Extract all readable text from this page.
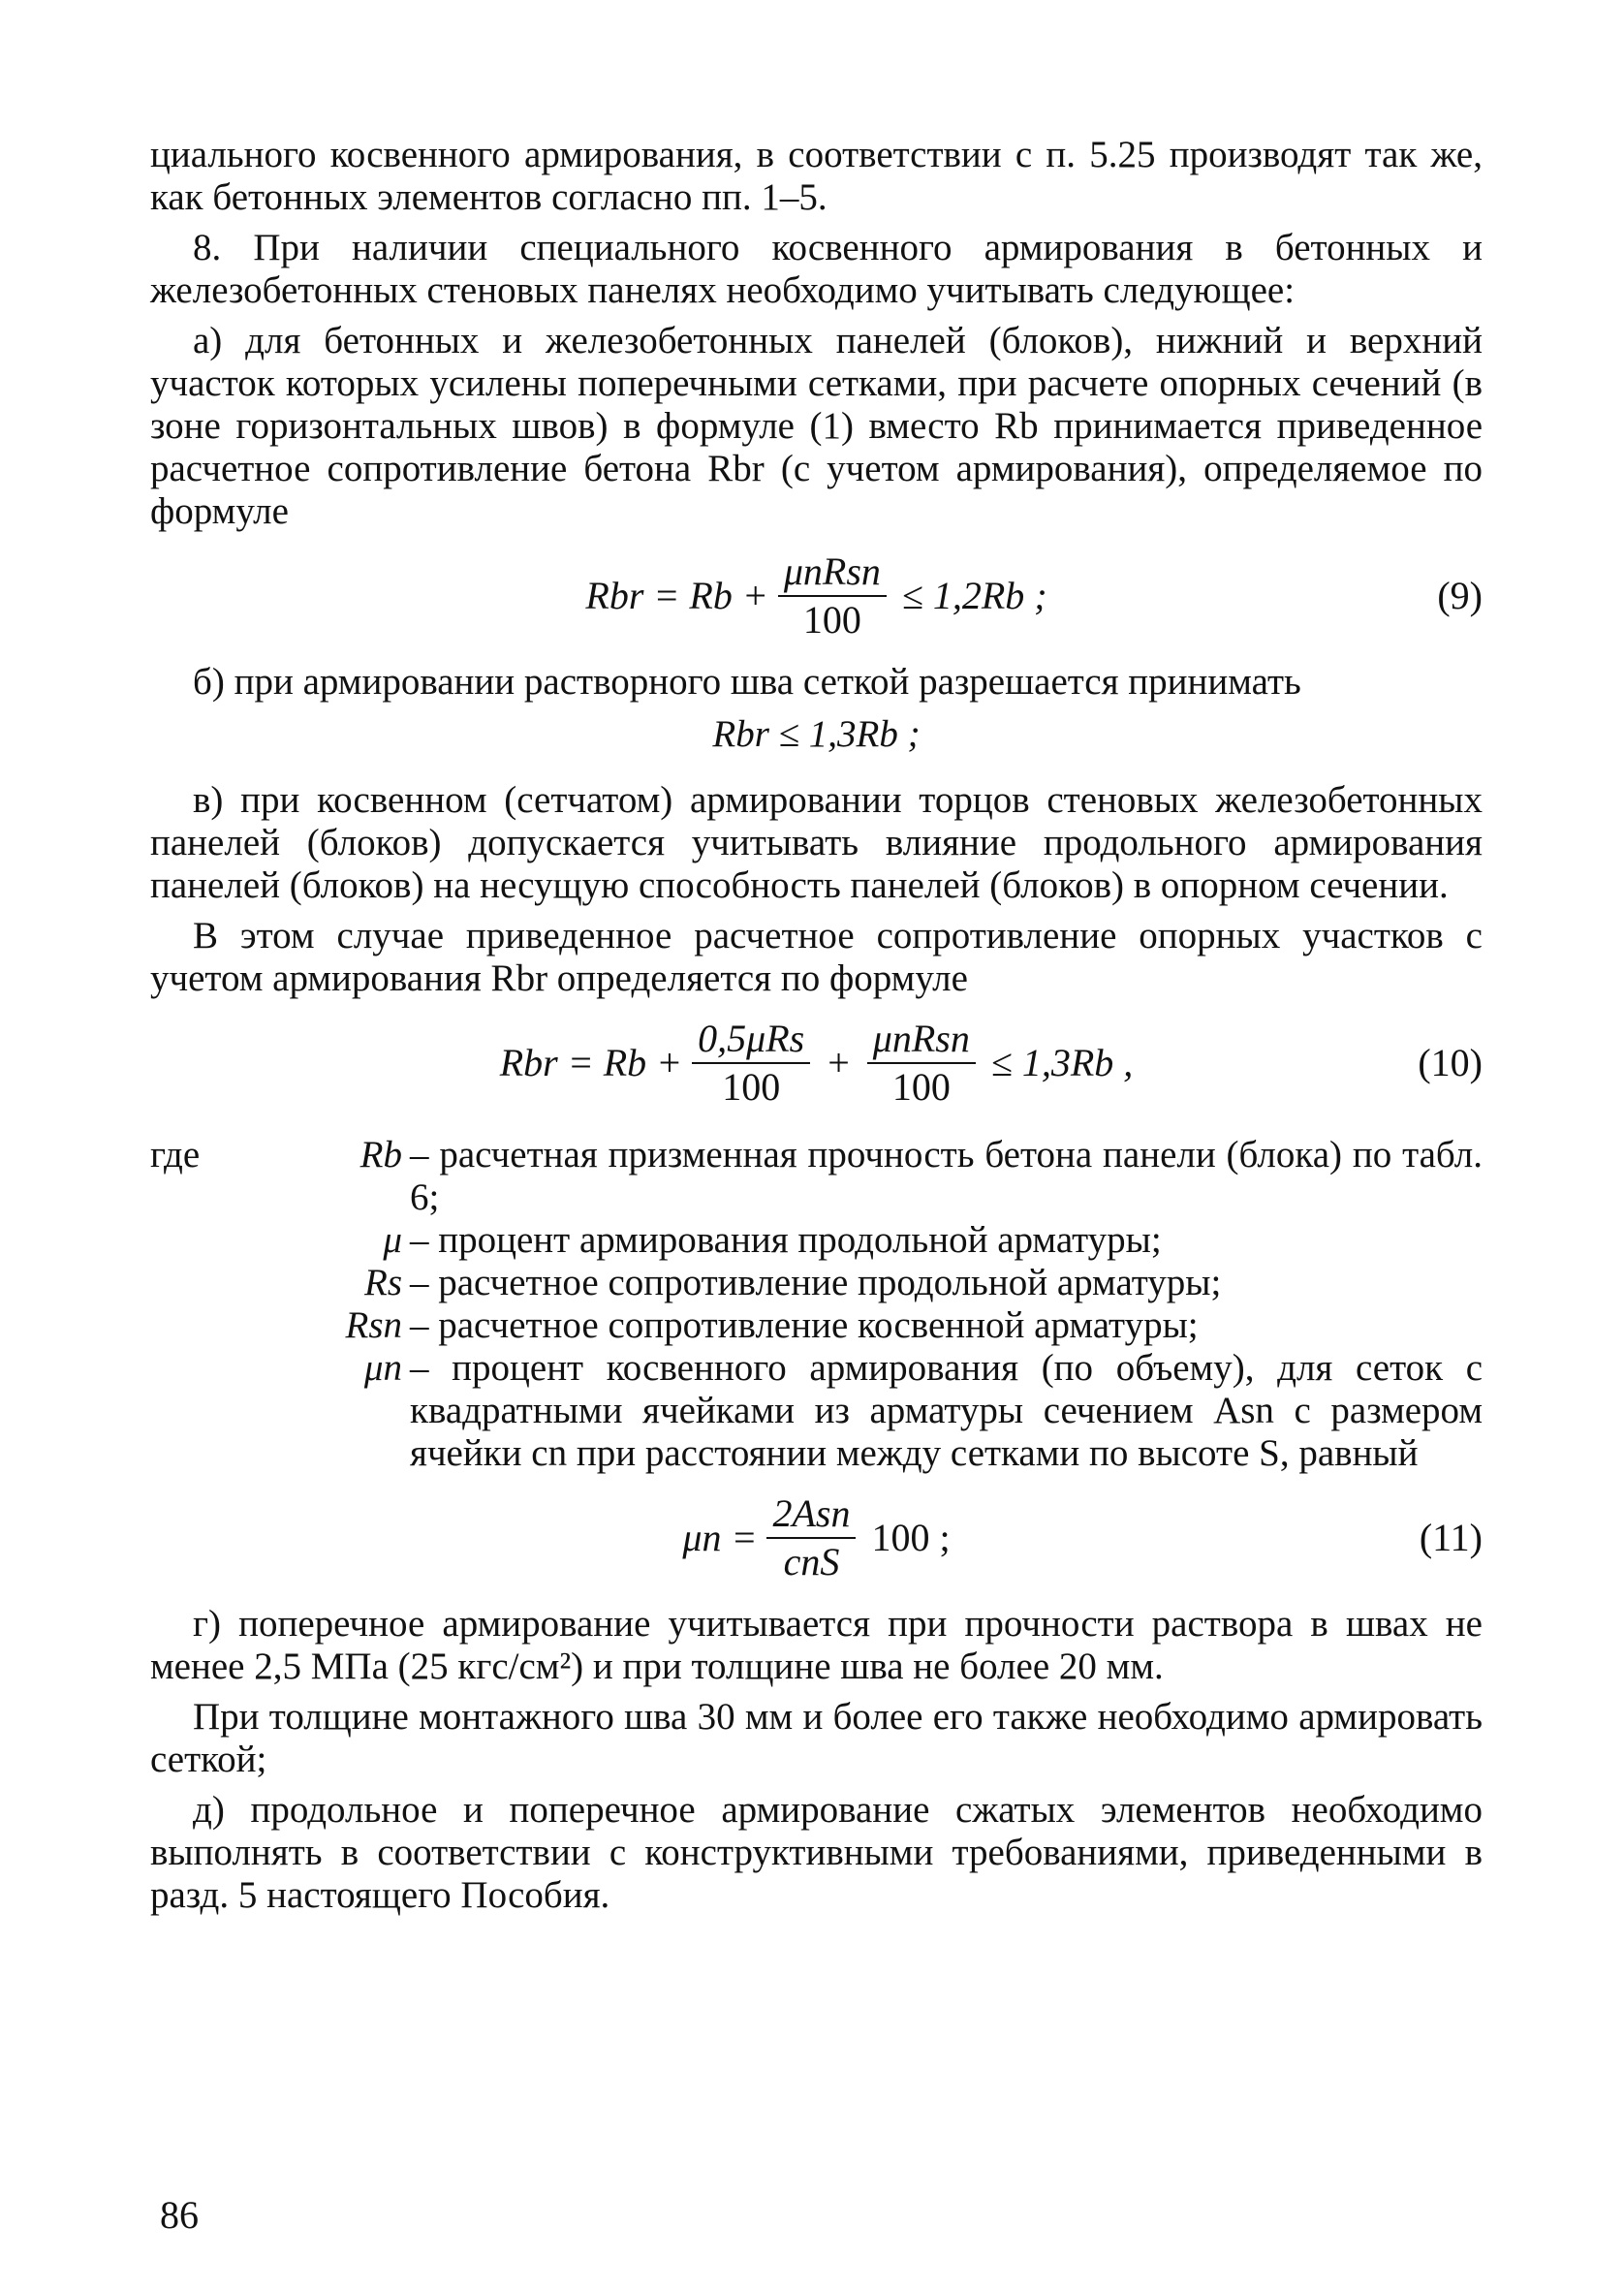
циального косвенного армирования, в соответствии с п. 5.25 производят так же, как бетонных элементов согласно пп. 1–5.

8. При наличии специального косвенного армирования в бетонных и железобетонных стеновых панелях необходимо учитывать следующее:

а) для бетонных и железобетонных панелей (блоков), нижний и верхний участок которых усилены поперечными сетками, при расчете опорных сечений (в зоне горизонтальных швов) в формуле (1) вместо Rb принимается приведенное расчетное сопротивление бетона Rbr (с учетом армирования), определяемое по формуле

Rbr = $Rb + \frac{\text{μnRsn}}{100} \le 1,2Rb$ ;	(9)

б) при армировании растворного шва сеткой разрешается принимать

Rbr ≤ 1,3Rb ;

в) при косвенном (сетчатом) армировании торцов стеновых железобетонных панелей (блоков) допускается учитывать влияние продольного армирования панелей (блоков) на несущую способность панелей (блоков) в опорном сечении.

В этом случае приведенное расчетное сопротивление опорных участков с учетом армирования Rbr определяется по формуле

Rbr = $Rb + \frac{\text{0,5μRs}}{100} + \frac{\text{μnRsn}}{100} \le 1,3Rb$ ,	(10)
где	Rb – расчетная призменная прочность бетона панели (блока) по табл. 6;
μ – процент армирования продольной арматуры;
Rs – расчетное сопротивление продольной арматуры;
Rsn – расчетное сопротивление косвенной арматуры;
μn – процент косвенного армирования (по объему), для сеток с квадратными ячейками из арматуры сечением Asn с размером ячейки cn при расстоянии между сетками по высоте S, равный
$\mu n = \frac{\text{2Asn}}{\text{cnS}} 100$ ;	(11)

г) поперечное армирование учитывается при прочности раствора в швах не менее 2,5 МПа (25 кгс/см²) и при толщине шва не более 20 мм.

При толщине монтажного шва 30 мм и более его также необходимо армировать сеткой;

д) продольное и поперечное армирование сжатых элементов необходимо выполнять в соответствии с конструктивными требованиями, приведенными в разд. 5 настоящего Пособия.

86
